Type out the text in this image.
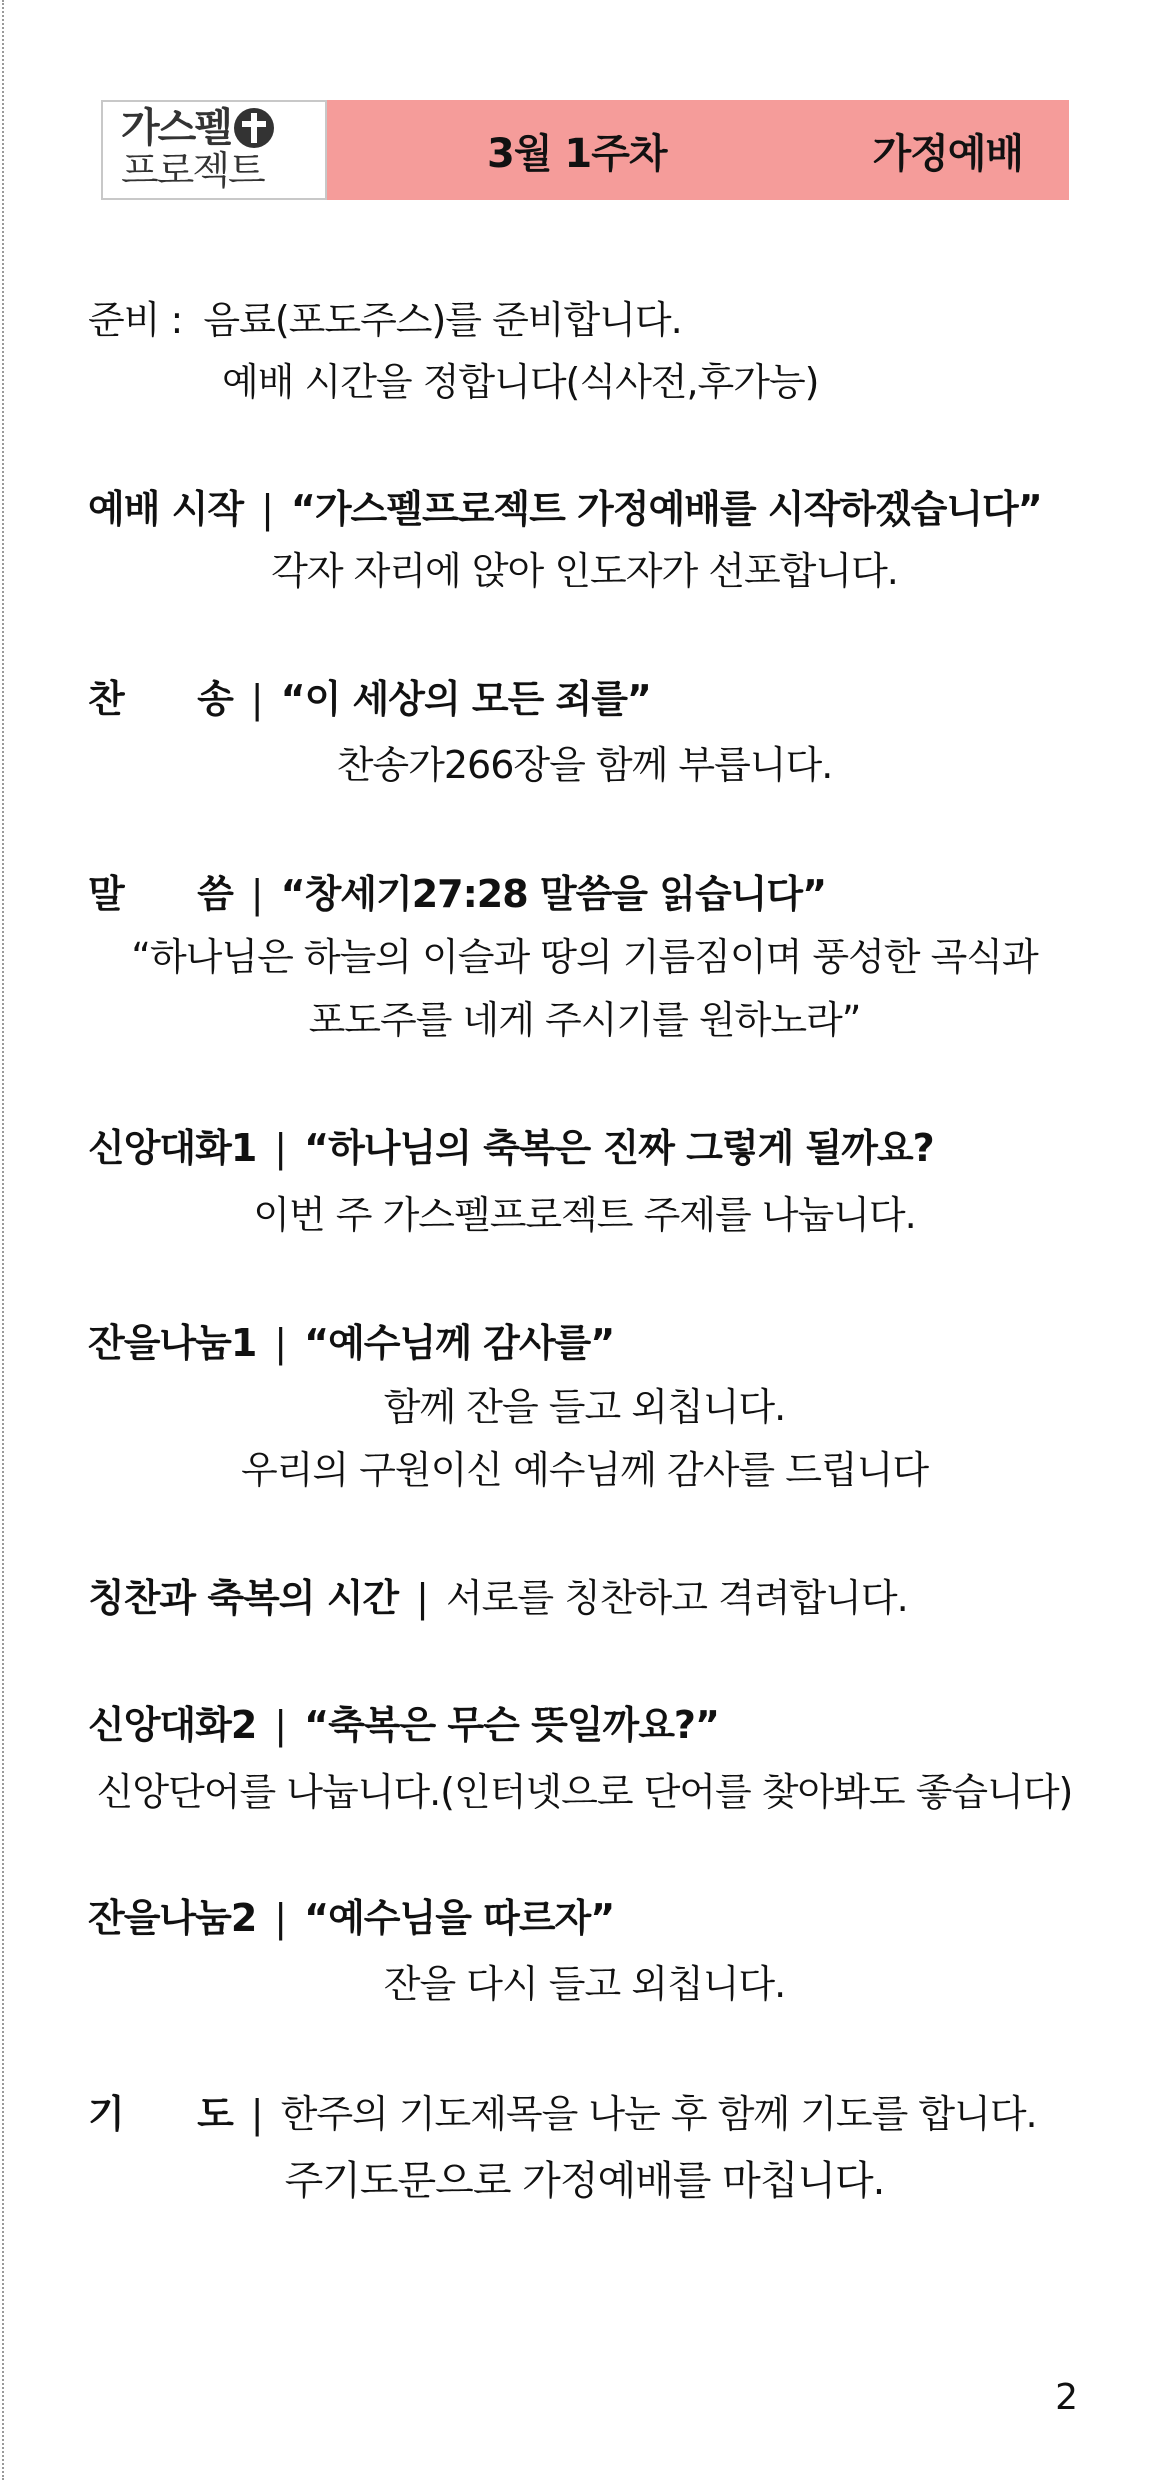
가스펠
프로젝트	3월 1주차	가정예배
준비 : 음료(포도주스)를 준비합니다.
예배 시간을 정합니다(식사전,후가능)
예배 시작 | “가스펠프로젝트 가정예배를 시작하겠습니다”
각자 자리에 앉아 인도자가 선포합니다.
찬      송 | “이 세상의 모든 죄를”
찬송가266장을 함께 부릅니다.
말      씀 | “창세기27:28 말씀을 읽습니다”
“하나님은 하늘의 이슬과 땅의 기름짐이며 풍성한 곡식과
포도주를 네게 주시기를 원하노라”
신앙대화1 | “하나님의 축복은 진짜 그렇게 될까요?
이번 주 가스펠프로젝트 주제를 나눕니다.
잔을나눔1 | “예수님께 감사를”
함께 잔을 들고 외칩니다.
우리의 구원이신 예수님께 감사를 드립니다
칭찬과 축복의 시간 | 서로를 칭찬하고 격려합니다.
신앙대화2 | “축복은 무슨 뜻일까요?”
신앙단어를 나눕니다.(인터넷으로 단어를 찾아봐도 좋습니다)
잔을나눔2 | “예수님을 따르자”
잔을 다시 들고 외칩니다.
기      도 | 한주의 기도제목을 나눈 후 함께 기도를 합니다.
주기도문으로 가정예배를 마칩니다.
2
